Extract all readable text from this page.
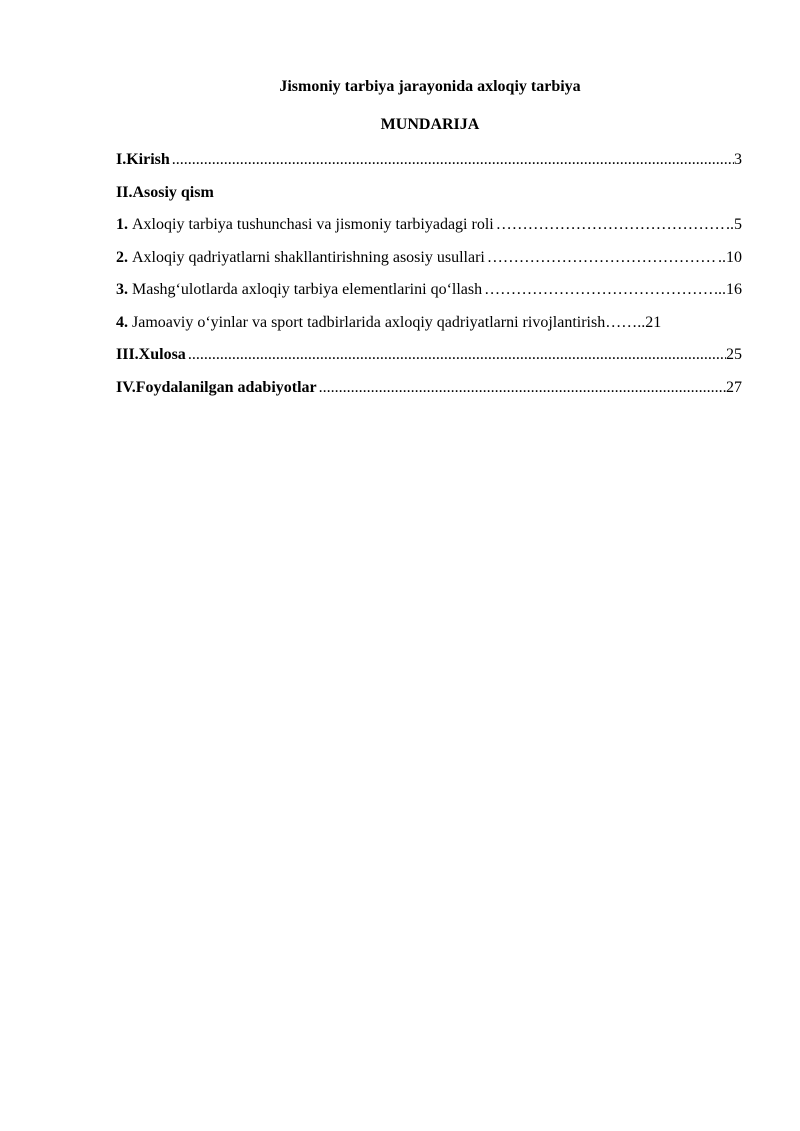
Jismoniy tarbiya jarayonida axloqiy tarbiya
MUNDARIJA
I.Kirish .....	3
II.Asosiy qism
1. Axloqiy tarbiya tushunchasi va jismoniy tarbiyadagi roli …………………………………………………………………………………………………………	..5
2. Axloqiy qadriyatlarni shakllantirishning asosiy usullari …………………………………………………………………………………………………………	..10
3. Mashg‘ulotlarda axloqiy tarbiya elementlarini qo‘llash …………………………………………………………………………………………………………	...16
4. Jamoaviy o‘yinlar va sport tadbirlarida axloqiy qadriyatlarni rivojlantirish ……..21
III.Xulosa .....	25
IV.Foydalanilgan adabiyotlar .....	27
